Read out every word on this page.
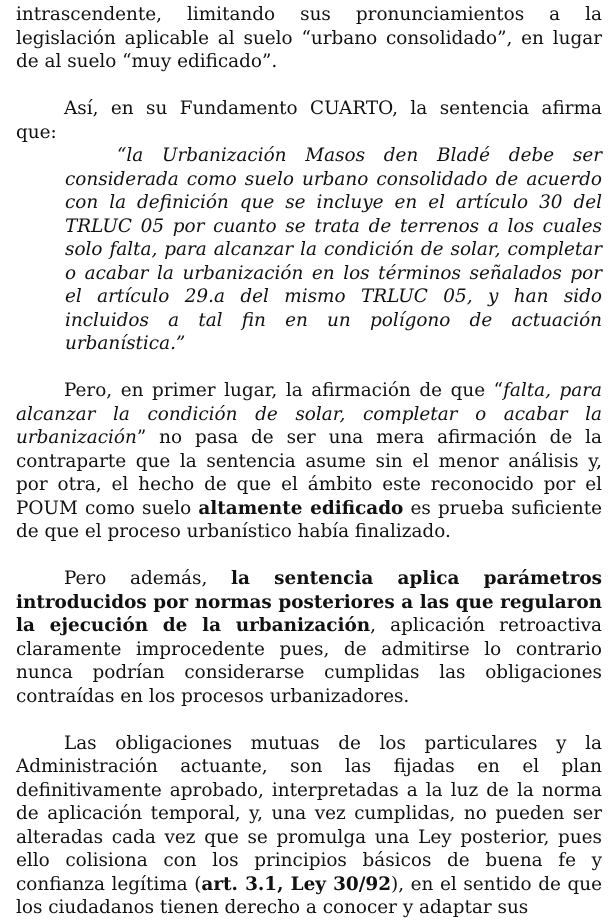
intrascendente, limitando sus pronunciamientos a la legislación aplicable al suelo “urbano consolidado”, en lugar de al suelo “muy edificado”.

Así, en su Fundamento CUARTO, la sentencia afirma que:

“la Urbanización Masos den Bladé debe ser considerada como suelo urbano consolidado de acuerdo con la definición que se incluye en el artículo 30 del TRLUC 05 por cuanto se trata de terrenos a los cuales solo falta, para alcanzar la condición de solar, completar o acabar la urbanización en los términos señalados por el artículo 29.a del mismo TRLUC 05, y han sido incluidos a tal fin en un polígono de actuación urbanística.”

Pero, en primer lugar, la afirmación de que “falta, para alcanzar la condición de solar, completar o acabar la urbanización” no pasa de ser una mera afirmación de la contraparte que la sentencia asume sin el menor análisis y, por otra, el hecho de que el ámbito este reconocido por el POUM como suelo altamente edificado es prueba suficiente de que el proceso urbanístico había finalizado.

Pero además, la sentencia aplica parámetros introducidos por normas posteriores a las que regularon la ejecución de la urbanización, aplicación retroactiva claramente improcedente pues, de admitirse lo contrario nunca podrían considerarse cumplidas las obligaciones contraídas en los procesos urbanizadores.

Las obligaciones mutuas de los particulares y la Administración actuante, son las fijadas en el plan definitivamente aprobado, interpretadas a la luz de la norma de aplicación temporal, y, una vez cumplidas, no pueden ser alteradas cada vez que se promulga una Ley posterior, pues ello colisiona con los principios básicos de buena fe y confianza legítima (art. 3.1, Ley 30/92), en el sentido de que los ciudadanos tienen derecho a conocer y adaptar sus
